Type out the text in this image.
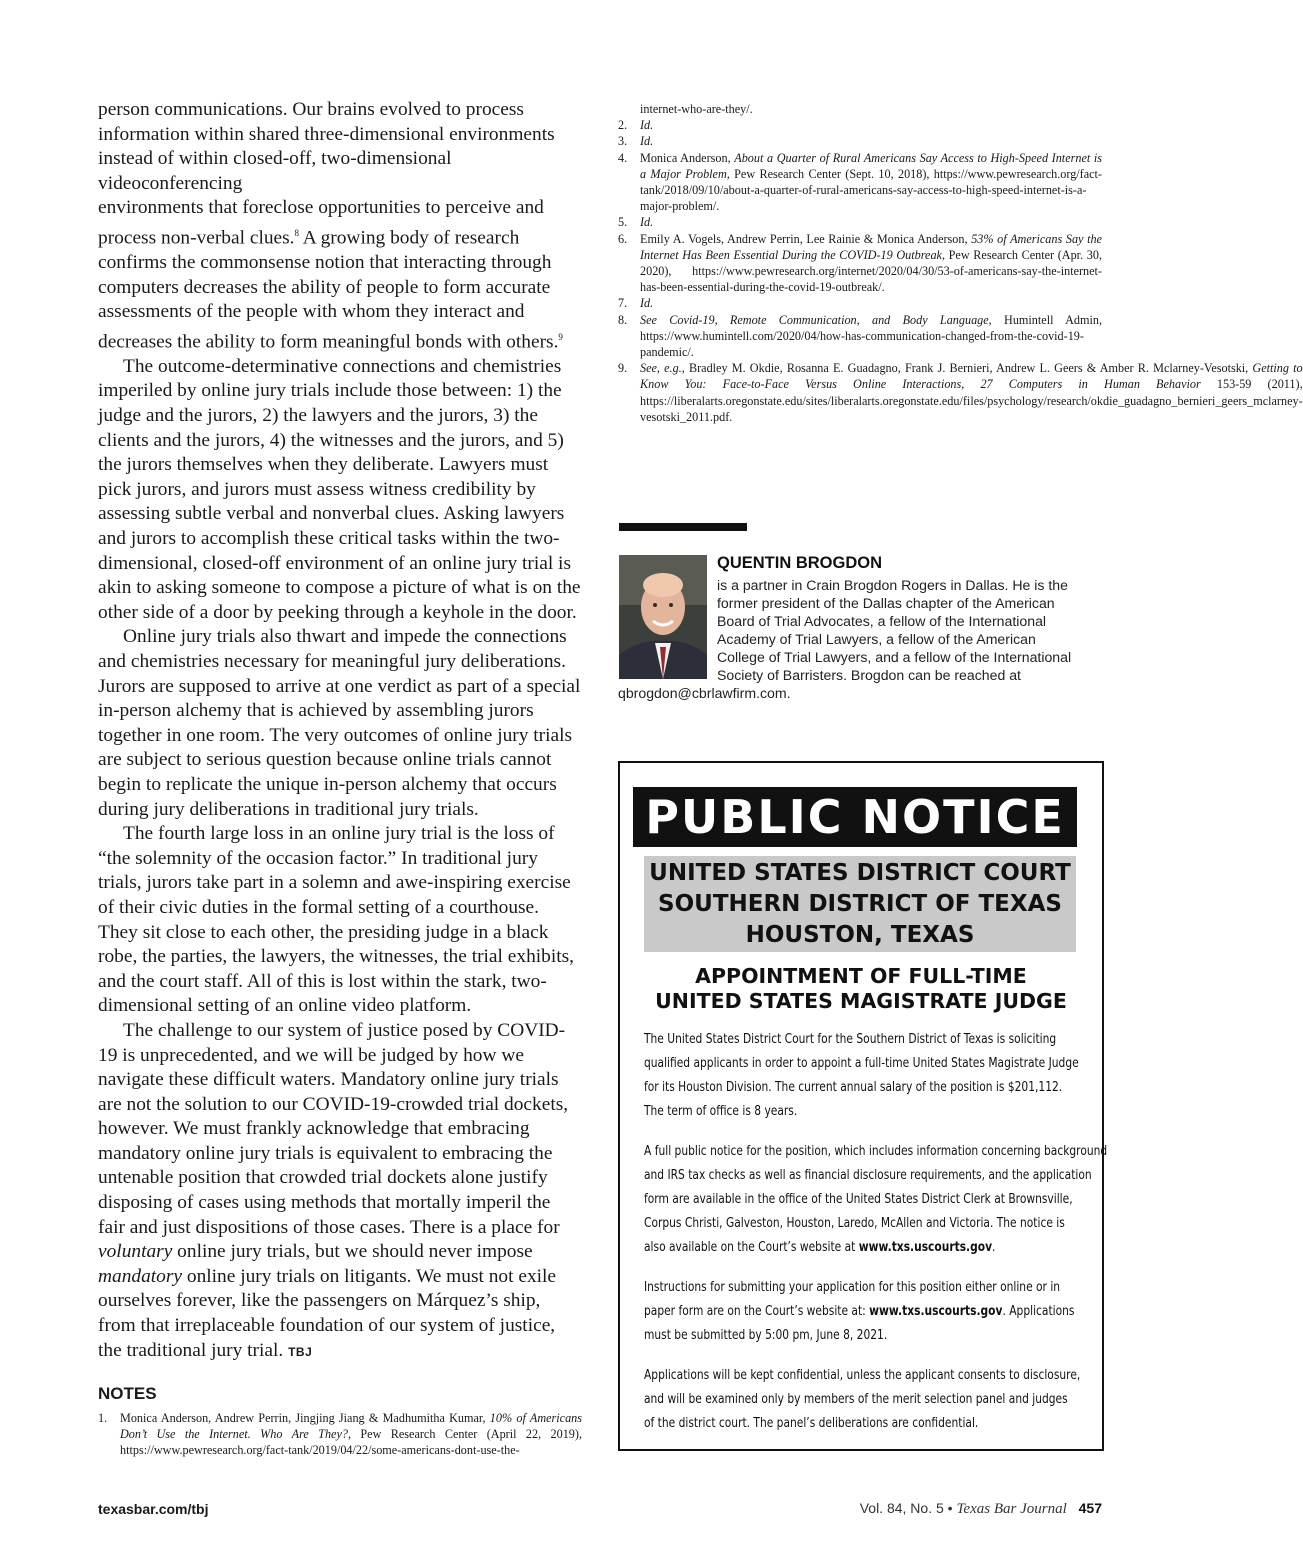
person communications. Our brains evolved to process
information within shared three-dimensional environments
instead of within closed-off, two-dimensional videoconferencing
environments that foreclose opportunities to perceive and
process non-verbal clues.$^8$ A growing body of research
confirms the commonsense notion that interacting through
computers decreases the ability of people to form accurate
assessments of the people with whom they interact and
decreases the ability to form meaningful bonds with others.$^9$

The outcome-determinative connections and chemistries imperiled by online jury trials include those between: 1) the judge and the jurors, 2) the lawyers and the jurors, 3) the clients and the jurors, 4) the witnesses and the jurors, and 5) the jurors themselves when they deliberate. Lawyers must pick jurors, and jurors must assess witness credibility by assessing subtle verbal and nonverbal clues. Asking lawyers and jurors to accomplish these critical tasks within the two-dimensional, closed-off environment of an online jury trial is akin to asking someone to compose a picture of what is on the other side of a door by peeking through a keyhole in the door.

Online jury trials also thwart and impede the connections and chemistries necessary for meaningful jury deliberations. Jurors are supposed to arrive at one verdict as part of a special in-person alchemy that is achieved by assembling jurors together in one room. The very outcomes of online jury trials are subject to serious question because online trials cannot begin to replicate the unique in-person alchemy that occurs during jury deliberations in traditional jury trials.

The fourth large loss in an online jury trial is the loss of “the solemnity of the occasion factor.” In traditional jury trials, jurors take part in a solemn and awe-inspiring exercise of their civic duties in the formal setting of a courthouse. They sit close to each other, the presiding judge in a black robe, the parties, the lawyers, the witnesses, the trial exhibits, and the court staff. All of this is lost within the stark, two-dimensional setting of an online video platform.

The challenge to our system of justice posed by COVID-19 is unprecedented, and we will be judged by how we navigate these difficult waters. Mandatory online jury trials are not the solution to our COVID-19-crowded trial dockets, however. We must frankly acknowledge that embracing mandatory online jury trials is equivalent to embracing the untenable position that crowded trial dockets alone justify disposing of cases using methods that mortally imperil the fair and just dispositions of those cases. There is a place for voluntary online jury trials, but we should never impose mandatory online jury trials on litigants. We must not exile ourselves forever, like the passengers on Márquez’s ship, from that irreplaceable foundation of our system of justice, the traditional jury trial. TBJ

NOTES
1.	Monica Anderson, Andrew Perrin, Jingjing Jiang & Madhumitha Kumar, 10% of Americans Don’t Use the Internet. Who Are They?, Pew Research Center (April 22, 2019), https://www.pewresearch.org/fact-tank/2019/04/22/some-americans-dont-use-the-
internet-who-are-they/.
2.	Id.
3.	Id.
4.	Monica Anderson, About a Quarter of Rural Americans Say Access to High-Speed Internet is a Major Problem, Pew Research Center (Sept. 10, 2018), https://www.pewresearch.org/fact-tank/2018/09/10/about-a-quarter-of-rural-americans-say-access-to-high-speed-internet-is-a-major-problem/.
5.	Id.
6.	Emily A. Vogels, Andrew Perrin, Lee Rainie & Monica Anderson, 53% of Americans Say the Internet Has Been Essential During the COVID-19 Outbreak, Pew Research Center (Apr. 30, 2020), https://www.pewresearch.org/internet/2020/04/30/53-of-americans-say-the-internet-has-been-essential-during-the-covid-19-outbreak/.
7.	Id.
8.	See Covid-19, Remote Communication, and Body Language, Humintell Admin, https://www.humintell.com/2020/04/how-has-communication-changed-from-the-covid-19-pandemic/.
9.	See, e.g., Bradley M. Okdie, Rosanna E. Guadagno, Frank J. Bernieri, Andrew L. Geers & Amber R. Mclarney-Vesotski, Getting to Know You: Face-to-Face Versus Online Interactions, 27 Computers in Human Behavior 153-59 (2011), https://liberalarts.oregonstate.edu/sites/liberalarts.oregonstate.edu/files/psychology/research/okdie_guadagno_bernieri_geers_mclarney-vesotski_2011.pdf.
QUENTIN BROGDON
is a partner in Crain Brogdon Rogers in Dallas. He is the
former president of the Dallas chapter of the American
Board of Trial Advocates, a fellow of the International
Academy of Trial Lawyers, a fellow of the American
College of Trial Lawyers, and a fellow of the International
Society of Barristers. Brogdon can be reached at
qbrogdon@cbrlawfirm.com.
PUBLIC NOTICE
UNITED STATES DISTRICT COURT
SOUTHERN DISTRICT OF TEXAS
HOUSTON, TEXAS
APPOINTMENT OF FULL-TIME
UNITED STATES MAGISTRATE JUDGE

The United States District Court for the Southern District of Texas is soliciting
qualified applicants in order to appoint a full-time United States Magistrate Judge
for its Houston Division. The current annual salary of the position is $201,112.
The term of office is 8 years.

A full public notice for the position, which includes information concerning background
and IRS tax checks as well as financial disclosure requirements, and the application
form are available in the office of the United States District Clerk at Brownsville,
Corpus Christi, Galveston, Houston, Laredo, McAllen and Victoria. The notice is
also available on the Court’s website at www.txs.uscourts.gov.

Instructions for submitting your application for this position either online or in
paper form are on the Court’s website at: www.txs.uscourts.gov. Applications
must be submitted by 5:00 pm, June 8, 2021.

Applications will be kept confidential, unless the applicant consents to disclosure,
and will be examined only by members of the merit selection panel and judges
of the district court. The panel’s deliberations are confidential.

texasbar.com/tbj	Vol. 84, No. 5 • Texas Bar Journal 457
